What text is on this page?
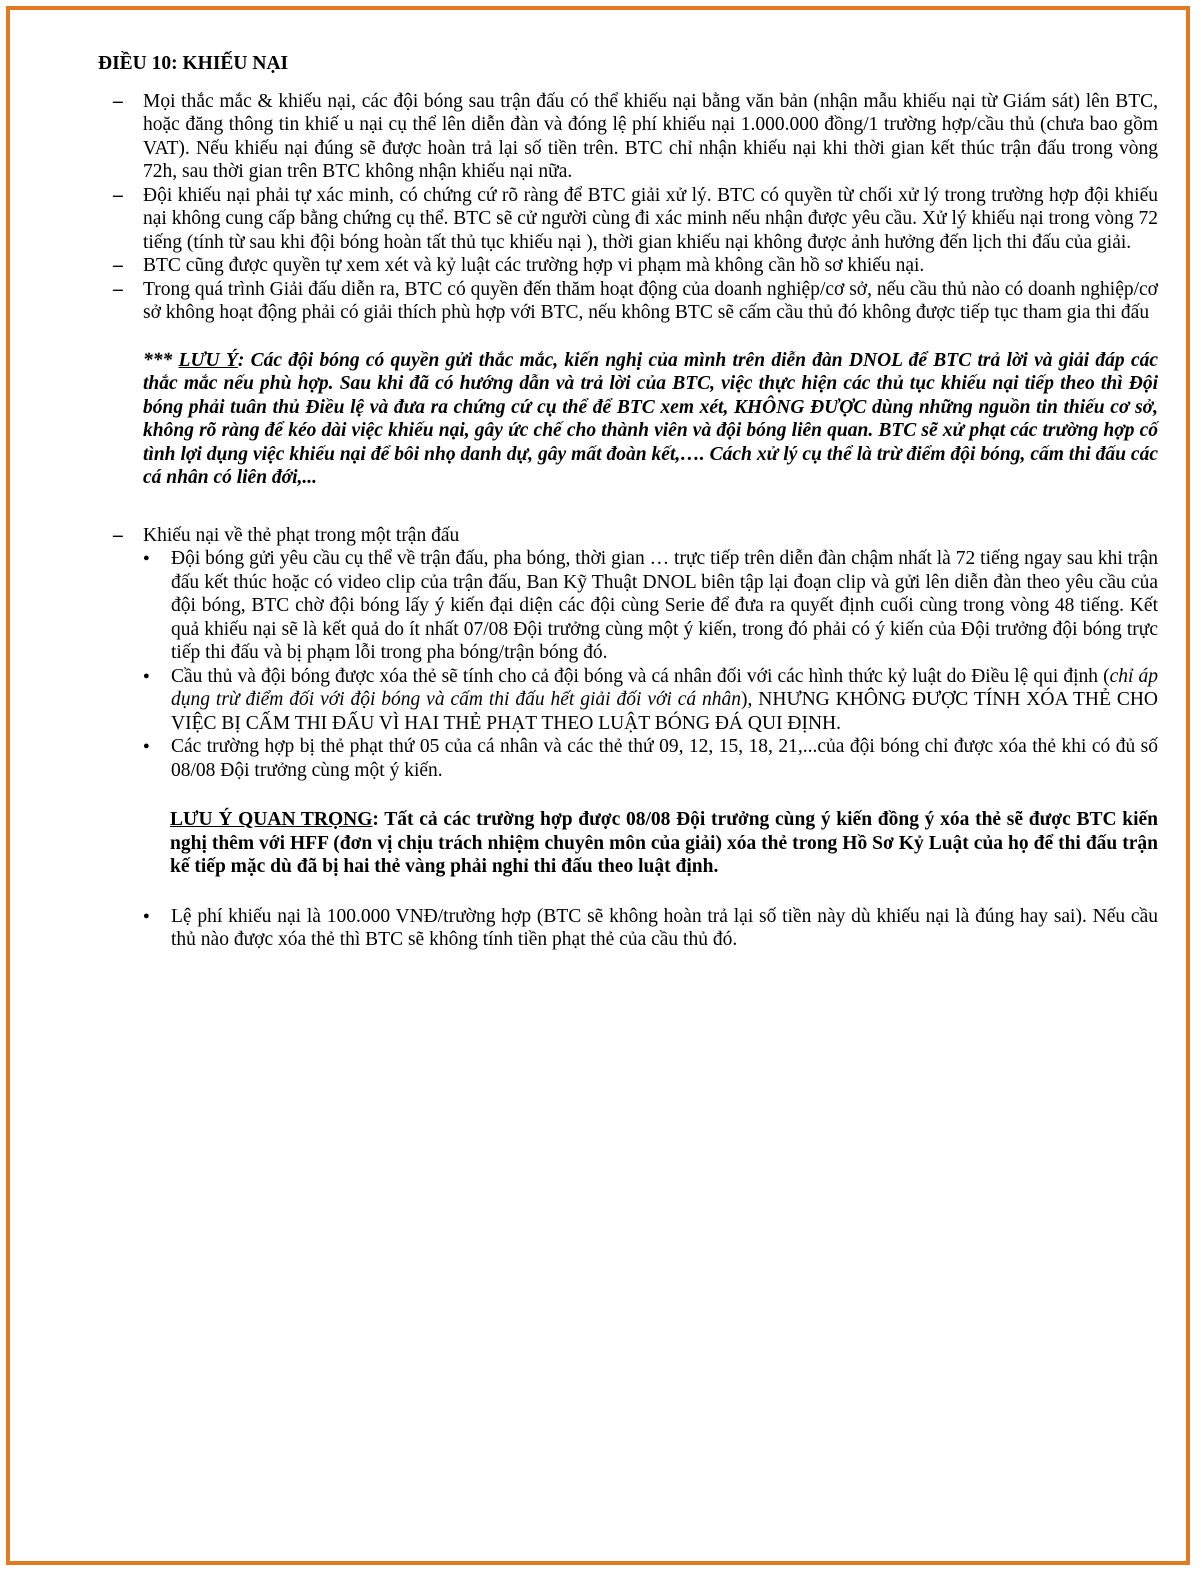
ĐIỀU 10: KHIẾU NẠI
– Mọi thắc mắc & khiếu nại, các đội bóng sau trận đấu có thể khiếu nại bằng văn bản (nhận mẫu khiếu nại từ Giám sát) lên BTC, hoặc đăng thông tin khiế u nại cụ thể lên diễn đàn và đóng lệ phí khiếu nại 1.000.000 đồng/1 trường hợp/cầu thủ (chưa bao gồm VAT). Nếu khiếu nại đúng sẽ được hoàn trả lại số tiền trên. BTC chỉ nhận khiếu nại khi thời gian kết thúc trận đấu trong vòng 72h, sau thời gian trên BTC không nhận khiếu nại nữa.
– Đội khiếu nại phải tự xác minh, có chứng cứ rõ ràng để BTC giải xử lý. BTC có quyền từ chối xử lý trong trường hợp đội khiếu nại không cung cấp bằng chứng cụ thể. BTC sẽ cử người cùng đi xác minh nếu nhận được yêu cầu. Xử lý khiếu nại trong vòng 72 tiếng (tính từ sau khi đội bóng hoàn tất thủ tục khiếu nại ), thời gian khiếu nại không được ảnh hưởng đến lịch thi đấu của giải.
– BTC cũng được quyền tự xem xét và kỷ luật các trường hợp vi phạm mà không cần hồ sơ khiếu nại.
– Trong quá trình Giải đấu diễn ra, BTC có quyền đến thăm hoạt động của doanh nghiệp/cơ sở, nếu cầu thủ nào có doanh nghiệp/cơ sở không hoạt động phải có giải thích phù hợp với BTC, nếu không BTC sẽ cấm cầu thủ đó không được tiếp tục tham gia thi đấu
*** LƯU Ý: Các đội bóng có quyền gửi thắc mắc, kiến nghị của mình trên diễn đàn DNOL để BTC trả lời và giải đáp các thắc mắc nếu phù hợp. Sau khi đã có hướng dẫn và trả lời của BTC, việc thực hiện các thủ tục khiếu nại tiếp theo thì Đội bóng phải tuân thủ Điều lệ và đưa ra chứng cứ cụ thể để BTC xem xét, KHÔNG ĐƯỢC dùng những nguồn tin thiếu cơ sở, không rõ ràng để kéo dài việc khiếu nại, gây ức chế cho thành viên và đội bóng liên quan. BTC sẽ xử phạt các trường hợp cố tình lợi dụng việc khiếu nại để bôi nhọ danh dự, gây mất đoàn kết,…. Cách xử lý cụ thể là trừ điểm đội bóng, cấm thi đấu các cá nhân có liên đới,...
– Khiếu nại về thẻ phạt trong một trận đấu
● Đội bóng gửi yêu cầu cụ thể về trận đấu, pha bóng, thời gian … trực tiếp trên diễn đàn chậm nhất là 72 tiếng ngay sau khi trận đấu kết thúc hoặc có video clip của trận đấu, Ban Kỹ Thuật DNOL biên tập lại đoạn clip và gửi lên diễn đàn theo yêu cầu của đội bóng, BTC chờ đội bóng lấy ý kiến đại diện các đội cùng Serie để đưa ra quyết định cuối cùng trong vòng 48 tiếng. Kết quả khiếu nại sẽ là kết quả do ít nhất 07/08 Đội trưởng cùng một ý kiến, trong đó phải có ý kiến của Đội trưởng đội bóng trực tiếp thi đấu và bị phạm lỗi trong pha bóng/trận bóng đó.
● Cầu thủ và đội bóng được xóa thẻ sẽ tính cho cả đội bóng và cá nhân đối với các hình thức kỷ luật do Điều lệ qui định (chỉ áp dụng trừ điểm đối với đội bóng và cấm thi đấu hết giải đối với cá nhân), NHƯNG KHÔNG ĐƯỢC TÍNH XÓA THẺ CHO VIỆC BỊ CẤM THI ĐẤU VÌ HAI THẺ PHẠT THEO LUẬT BÓNG ĐÁ QUI ĐỊNH.
● Các trường hợp bị thẻ phạt thứ 05 của cá nhân và các thẻ thứ 09, 12, 15, 18, 21,...của đội bóng chỉ được xóa thẻ khi có đủ số 08/08 Đội trưởng cùng một ý kiến.
LƯU Ý QUAN TRỌNG: Tất cả các trường hợp được 08/08 Đội trưởng cùng ý kiến đồng ý xóa thẻ sẽ được BTC kiến nghị thêm với HFF (đơn vị chịu trách nhiệm chuyên môn của giải) xóa thẻ trong Hồ Sơ Kỷ Luật của họ để thi đấu trận kế tiếp mặc dù đã bị hai thẻ vàng phải nghỉ thi đấu theo luật định.
● Lệ phí khiếu nại là 100.000 VNĐ/trường hợp (BTC sẽ không hoàn trả lại số tiền này dù khiếu nại là đúng hay sai). Nếu cầu thủ nào được xóa thẻ thì BTC sẽ không tính tiền phạt thẻ của cầu thủ đó.
